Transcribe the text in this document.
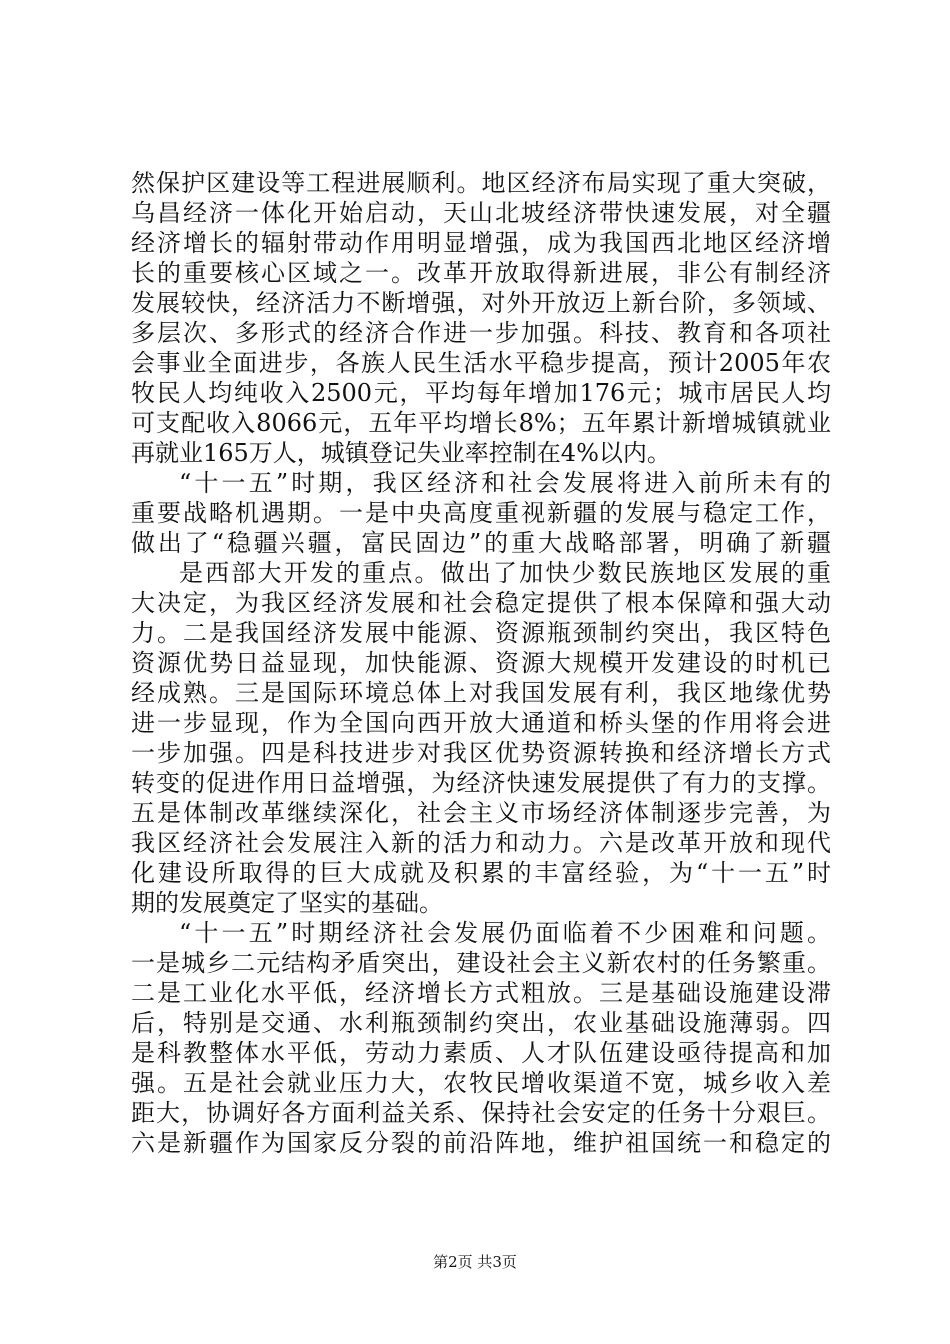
然保护区建设等工程进展顺利。地区经济布局实现了重大突破，
乌昌经济一体化开始启动，天山北坡经济带快速发展，对全疆
经济增长的辐射带动作用明显增强，成为我国西北地区经济增
长的重要核心区域之一。改革开放取得新进展，非公有制经济
发展较快，经济活力不断增强，对外开放迈上新台阶，多领域、
多层次、多形式的经济合作进一步加强。科技、教育和各项社
会事业全面进步，各族人民生活水平稳步提高，预计2005年农
牧民人均纯收入2500元，平均每年增加176元；城市居民人均
可支配收入8066元，五年平均增长8%；五年累计新增城镇就业
再就业165万人，城镇登记失业率控制在4%以内。
“十一五”时期，我区经济和社会发展将进入前所未有的
重要战略机遇期。一是中央高度重视新疆的发展与稳定工作，
做出了“稳疆兴疆，富民固边”的重大战略部署，明确了新疆
是西部大开发的重点。做出了加快少数民族地区发展的重
大决定，为我区经济发展和社会稳定提供了根本保障和强大动
力。二是我国经济发展中能源、资源瓶颈制约突出，我区特色
资源优势日益显现，加快能源、资源大规模开发建设的时机已
经成熟。三是国际环境总体上对我国发展有利，我区地缘优势
进一步显现，作为全国向西开放大通道和桥头堡的作用将会进
一步加强。四是科技进步对我区优势资源转换和经济增长方式
转变的促进作用日益增强，为经济快速发展提供了有力的支撑。
五是体制改革继续深化，社会主义市场经济体制逐步完善，为
我区经济社会发展注入新的活力和动力。六是改革开放和现代
化建设所取得的巨大成就及积累的丰富经验，为“十一五”时
期的发展奠定了坚实的基础。
“十一五”时期经济社会发展仍面临着不少困难和问题。
一是城乡二元结构矛盾突出，建设社会主义新农村的任务繁重。
二是工业化水平低，经济增长方式粗放。三是基础设施建设滞
后，特别是交通、水利瓶颈制约突出，农业基础设施薄弱。四
是科教整体水平低，劳动力素质、人才队伍建设亟待提高和加
强。五是社会就业压力大，农牧民增收渠道不宽，城乡收入差
距大，协调好各方面利益关系、保持社会安定的任务十分艰巨。
六是新疆作为国家反分裂的前沿阵地，维护祖国统一和稳定的
第2页 共3页
